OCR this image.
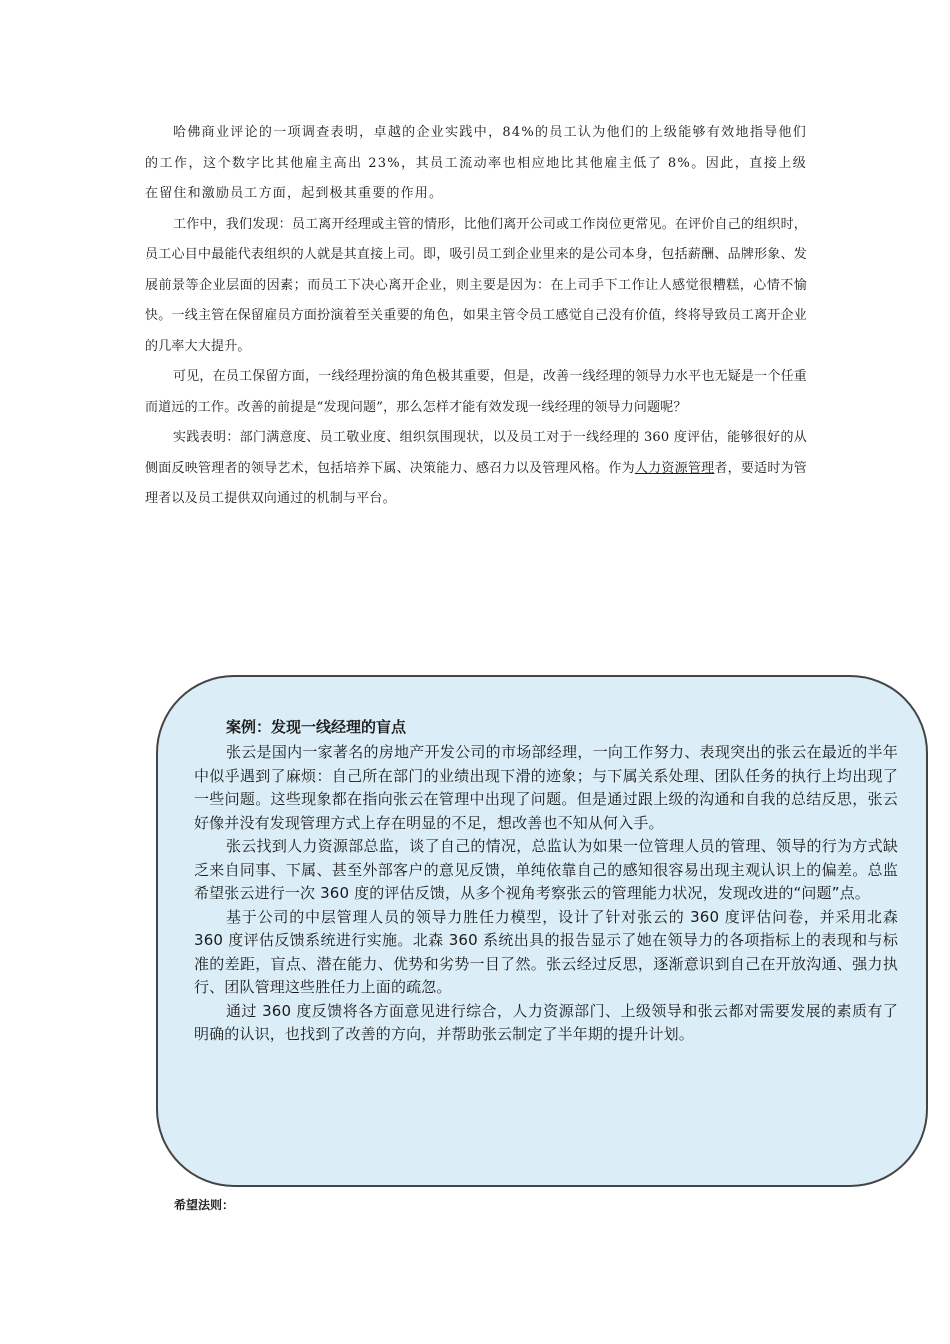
哈佛商业评论的一项调查表明，卓越的企业实践中，84%的员工认为他们的上级能够有效地指导他们的工作，这个数字比其他雇主高出 23%，其员工流动率也相应地比其他雇主低了 8%。因此，直接上级在留住和激励员工方面，起到极其重要的作用。

工作中，我们发现：员工离开经理或主管的情形，比他们离开公司或工作岗位更常见。在评价自己的组织时，员工心目中最能代表组织的人就是其直接上司。即，吸引员工到企业里来的是公司本身，包括薪酬、品牌形象、发展前景等企业层面的因素；而员工下决心离开企业，则主要是因为：在上司手下工作让人感觉很糟糕，心情不愉快。一线主管在保留雇员方面扮演着至关重要的角色，如果主管令员工感觉自己没有价值，终将导致员工离开企业的几率大大提升。

可见，在员工保留方面，一线经理扮演的角色极其重要，但是，改善一线经理的领导力水平也无疑是一个任重而道远的工作。改善的前提是“发现问题”，那么怎样才能有效发现一线经理的领导力问题呢？

实践表明：部门满意度、员工敬业度、组织氛围现状，以及员工对于一线经理的 360 度评估，能够很好的从侧面反映管理者的领导艺术，包括培养下属、决策能力、感召力以及管理风格。作为人力资源管理者，要适时为管理者以及员工提供双向通过的机制与平台。

案例：发现一线经理的盲点

张云是国内一家著名的房地产开发公司的市场部经理，一向工作努力、表现突出的张云在最近的半年中似乎遇到了麻烦：自己所在部门的业绩出现下滑的迹象；与下属关系处理、团队任务的执行上均出现了一些问题。这些现象都在指向张云在管理中出现了问题。但是通过跟上级的沟通和自我的总结反思，张云好像并没有发现管理方式上存在明显的不足，想改善也不知从何入手。

张云找到人力资源部总监，谈了自己的情况，总监认为如果一位管理人员的管理、领导的行为方式缺乏来自同事、下属、甚至外部客户的意见反馈，单纯依靠自己的感知很容易出现主观认识上的偏差。总监希望张云进行一次 360 度的评估反馈，从多个视角考察张云的管理能力状况，发现改进的“问题”点。

基于公司的中层管理人员的领导力胜任力模型，设计了针对张云的 360 度评估问卷，并采用北森 360 度评估反馈系统进行实施。北森 360 系统出具的报告显示了她在领导力的各项指标上的表现和与标准的差距，盲点、潜在能力、优势和劣势一目了然。张云经过反思，逐渐意识到自己在开放沟通、强力执行、团队管理这些胜任力上面的疏忽。

通过 360 度反馈将各方面意见进行综合，人力资源部门、上级领导和张云都对需要发展的素质有了明确的认识，也找到了改善的方向，并帮助张云制定了半年期的提升计划。

希望法则：
